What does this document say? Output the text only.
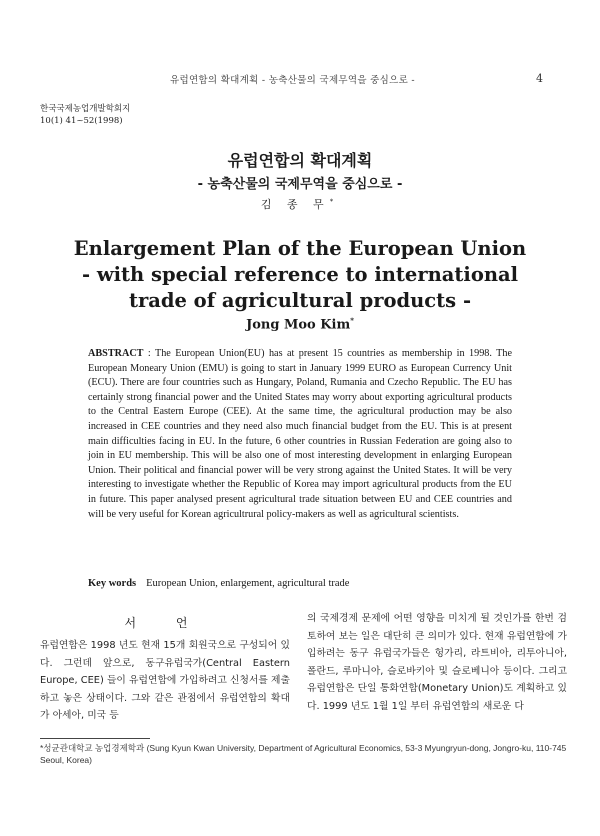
유럽연합의 확대계획 - 농축산물의 국제무역을 중심으로 -	4
한국국제농업개발학회지
10(1) 41~52(1998)
유럽연합의 확대계획
- 농축산물의 국제무역을 중심으로 -
김 종 무*
Enlargement Plan of the European Union
- with special reference to international
trade of agricultural products -
Jong Moo Kim*
ABSTRACT : The European Union(EU) has at present 15 countries as membership in 1998. The European Moneary Union (EMU) is going to start in January 1999 EURO as European Currency Unit (ECU). There are four countries such as Hungary, Poland, Rumania and Czecho Republic. The EU has certainly strong financial power and the United States may worry about exporting agricultural products to the Central Eastern Europe (CEE). At the same time, the agricultural production may be also increased in CEE countries and they need also much financial budget from the EU. This is at present main difficulties facing in EU. In the future, 6 other countries in Russian Federation are going also to join in EU membership. This will be also one of most interesting development in enlarging European Union. Their political and financial power will be very strong against the United States. It will be very interesting to investigate whether the Republic of Korea may import agricultural products from the EU in future. This paper analysed present agricultural trade situation between EU and CEE countries and will be very useful for Korean agricultrural policy-makers as well as agricultural scientists.
Key words European Union, enlargement, agricultural trade
서 언
유럽연합은 1998 년도 현재 15개 회원국으로 구성되어 있다. 그런데 앞으로, 동구유럽국가(Central Eastern Europe, CEE) 들이 유럽연합에 가입하려고 신청서를 제출하고 놓은 상태이다. 그와 같은 관점에서 유럽연합의 확대가 아세아, 미국 등
의 국제경제 문제에 어떤 영향을 미치게 될 것인가를 한번 검토하여 보는 일은 대단히 큰 의미가 있다. 현재 유럽연합에 가입하려는 동구 유럽국가들은 헝가리, 라트비아, 리투아니아, 폴란드, 루마니아, 슬로바키아 및 슬로베니아 등이다. 그리고 유럽연합은 단일 통화연합(Monetary Union)도 계획하고 있다. 1999 년도 1월 1일 부터 유럽연합의 새로운 다
*성균관대학교 농업경제학과 (Sung Kyun Kwan University, Department of Agricultural Economics, 53-3 Myungryun-dong, Jongro-ku, 110-745 Seoul, Korea)
